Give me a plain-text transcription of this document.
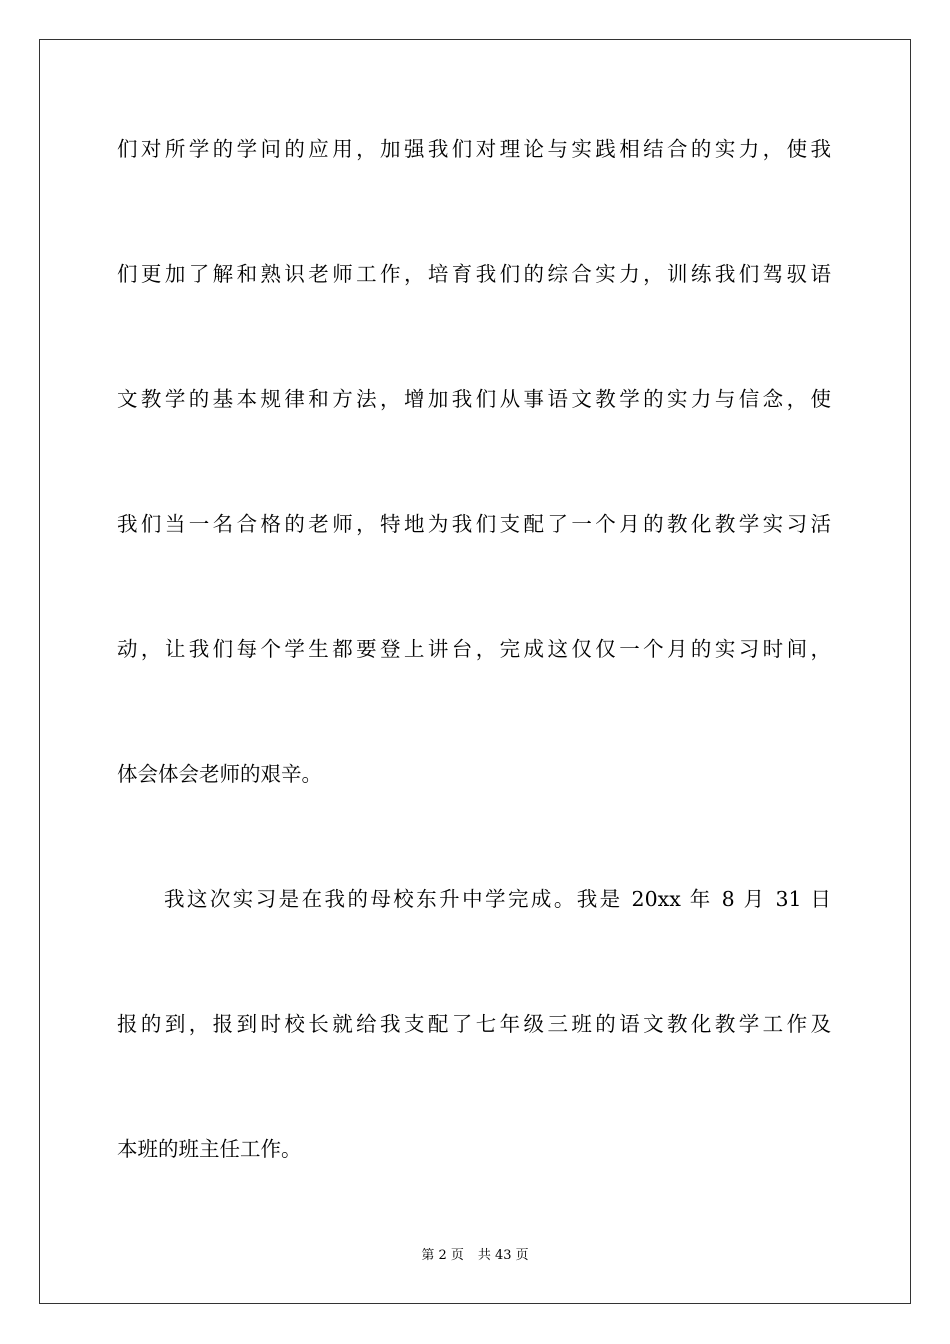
们对所学的学问的应用，加强我们对理论与实践相结合的实力，使我
们更加了解和熟识老师工作，培育我们的综合实力，训练我们驾驭语
文教学的基本规律和方法，增加我们从事语文教学的实力与信念，使
我们当一名合格的老师，特地为我们支配了一个月的教化教学实习活
动，让我们每个学生都要登上讲台，完成这仅仅一个月的实习时间，
体会体会老师的艰辛。
我这次实习是在我的母校东升中学完成。我是 20xx 年 8 月 31 日
报的到，报到时校长就给我支配了七年级三班的语文教化教学工作及
本班的班主任工作。
第 2 页 共 43 页
